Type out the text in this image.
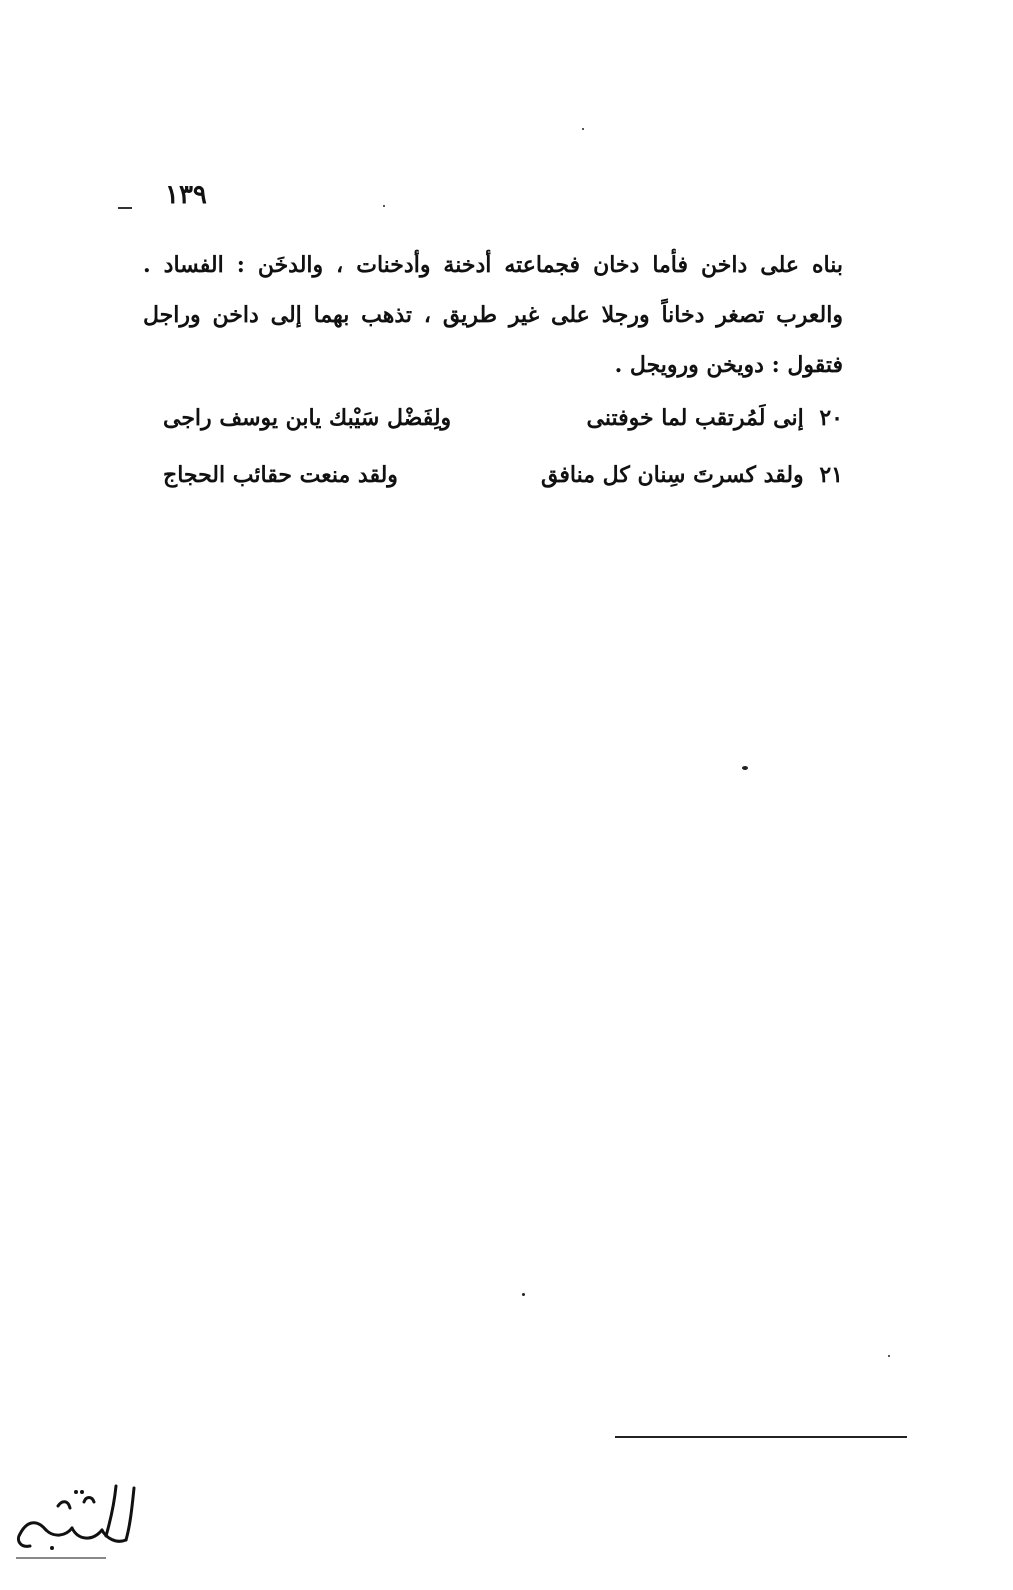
١٣٩
بناه على داخن فأما دخان فجماعته أدخنة وأدخنات ، والدخَن : الفساد .
والعرب تصغر دخاناً ورجلا على غير طريق ، تذهب بهما إلى داخن وراجل
فتقول : دويخن ورويجل .
٢٠ إنى لَمُرتقب لما خوفتنى
ولِفَضْل سَيْبك يابن يوسف راجى
٢١ ولقد كسرتَ سِنان كل منافق
ولقد منعت حقائب الحجاج
